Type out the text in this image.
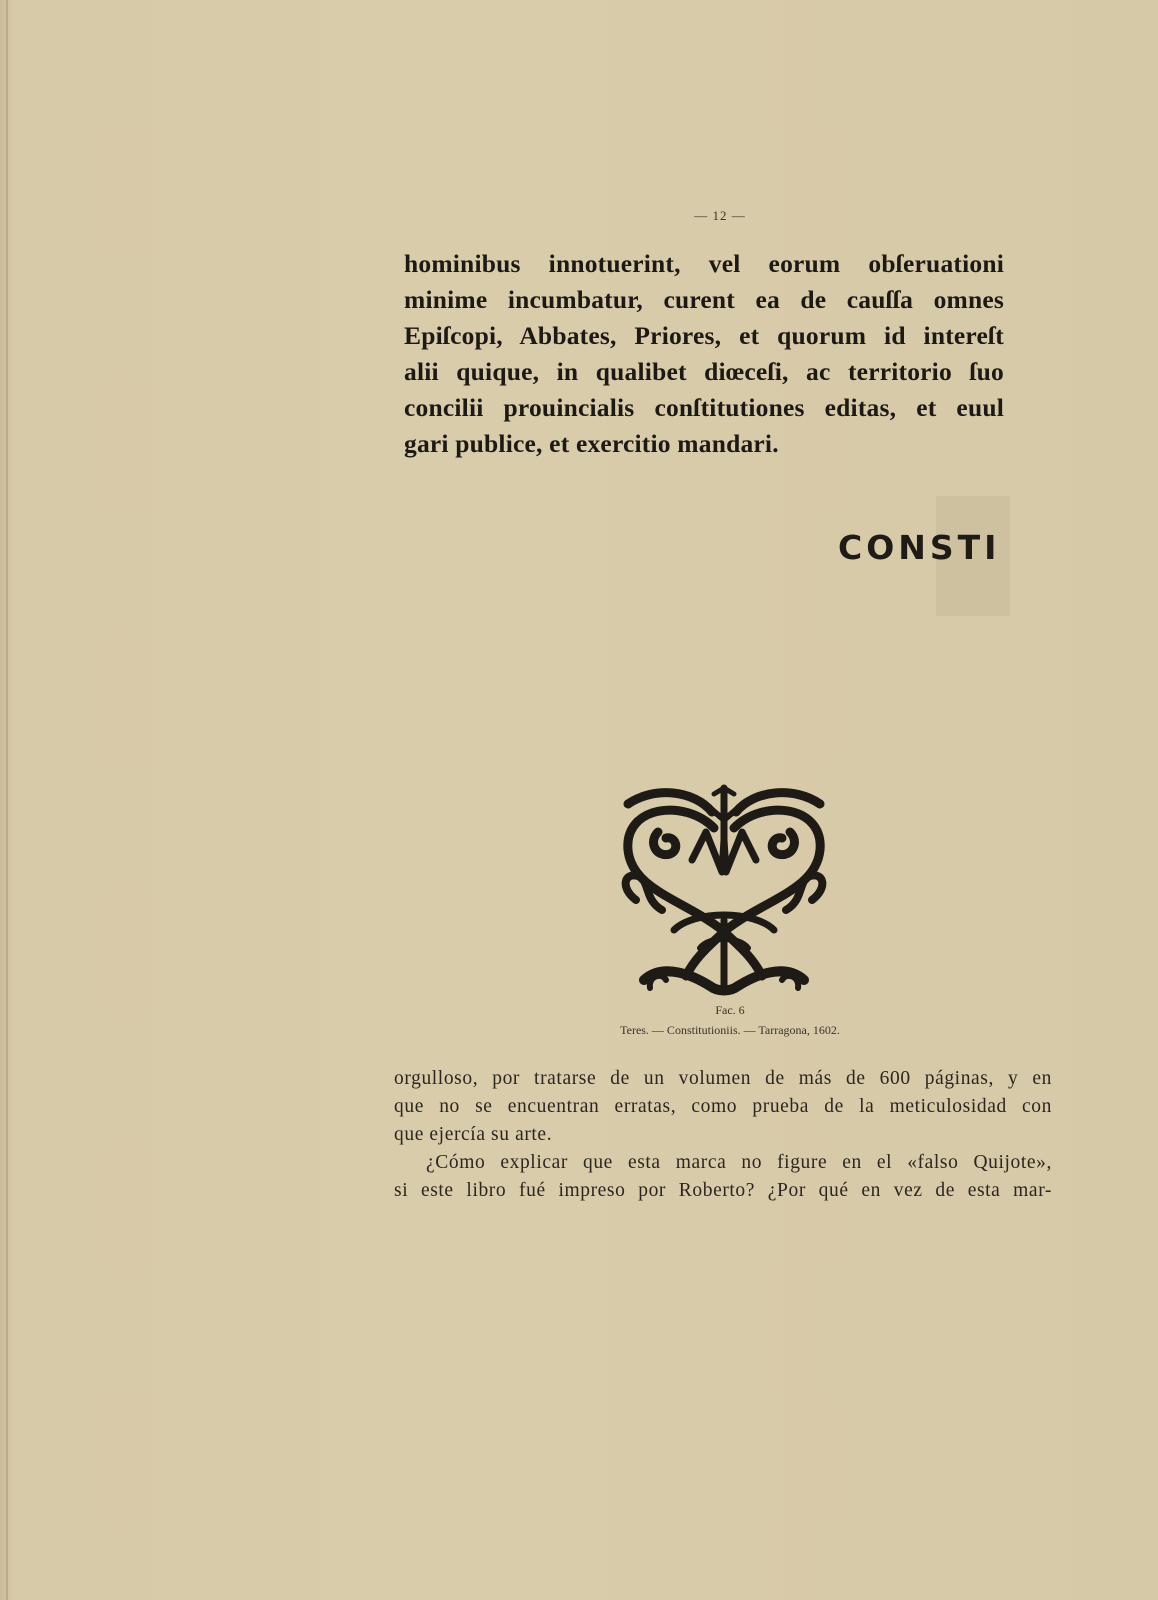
— 12 —
hominibus innotuerint, vel eorum obſeruationi
minime incumbatur, curent ea de cauſſa omnes
Epiſcopi, Abbates, Priores, et quorum id intereſt
alii quique, in qualibet diœceſi, ac territorio ſuo
concilii prouincialis conſtitutiones editas, et euul
gari publice, et exercitio mandari.
CONSTI
Fac. 6
Teres. — Constitutioniis. — Tarragona, 1602.
orgulloso, por tratarse de un volumen de más de 600 páginas, y en
que no se encuentran erratas, como prueba de la meticulosidad con
que ejercía su arte.
¿Cómo explicar que esta marca no figure en el «falso Quijote»,
si este libro fué impreso por Roberto? ¿Por qué en vez de esta mar-
